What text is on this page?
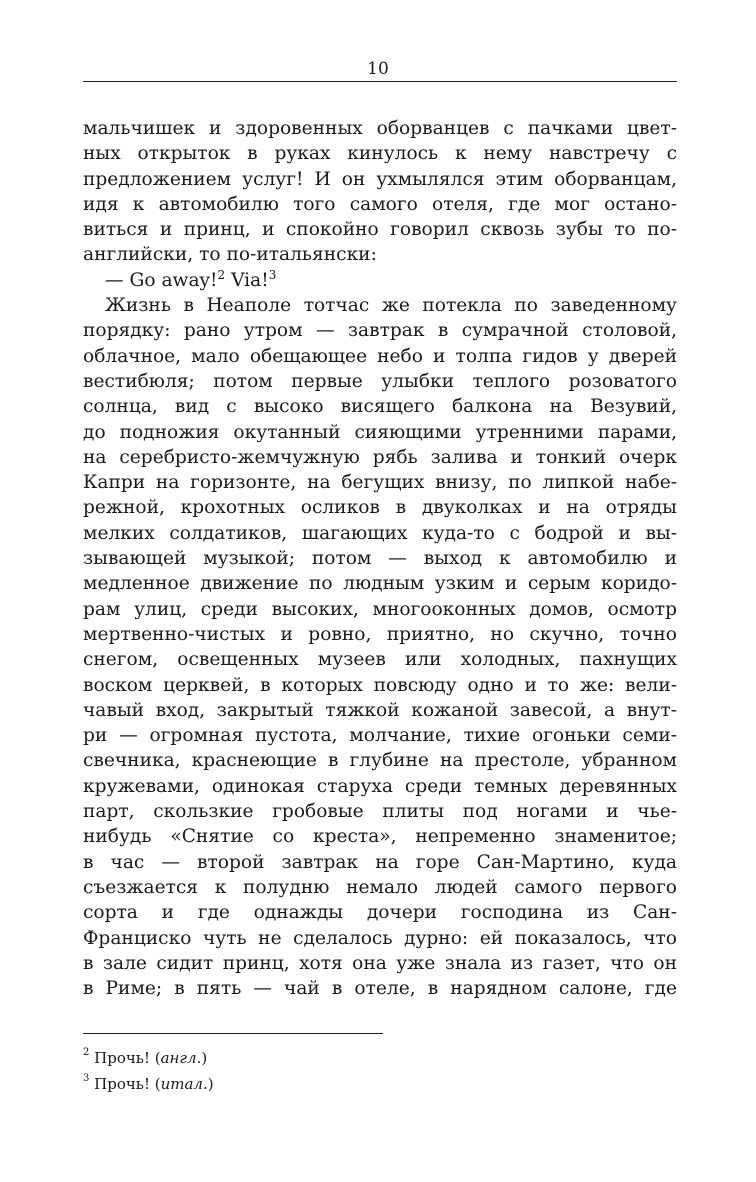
10
мальчишек и здоровенных оборванцев с пачками цвет-
ных открыток в руках кинулось к нему навстречу с
предложением услуг! И он ухмылялся этим оборванцам,
идя к автомобилю того самого отеля, где мог остано-
виться и принц, и спокойно говорил сквозь зубы то по-
английски, то по-итальянски:
— Go away!$^2$ Via!$^3$
Жизнь в Неаполе тотчас же потекла по заведенному
порядку: рано утром — завтрак в сумрачной столовой,
облачное, мало обещающее небо и толпа гидов у дверей
вестибюля; потом первые улыбки теплого розоватого
солнца, вид с высоко висящего балкона на Везувий,
до подножия окутанный сияющими утренними парами,
на серебристо-жемчужную рябь залива и тонкий очерк
Капри на горизонте, на бегущих внизу, по липкой набе-
режной, крохотных осликов в двуколках и на отряды
мелких солдатиков, шагающих куда-то с бодрой и вы-
зывающей музыкой; потом — выход к автомобилю и
медленное движение по людным узким и серым коридо-
рам улиц, среди высоких, многооконных домов, осмотр
мертвенно-чистых и ровно, приятно, но скучно, точно
снегом, освещенных музеев или холодных, пахнущих
воском церквей, в которых повсюду одно и то же: вели-
чавый вход, закрытый тяжкой кожаной завесой, а внут-
ри — огромная пустота, молчание, тихие огоньки семи-
свечника, краснеющие в глубине на престоле, убранном
кружевами, одинокая старуха среди темных деревянных
парт, скользкие гробовые плиты под ногами и чье-
нибудь «Снятие со креста», непременно знаменитое;
в час — второй завтрак на горе Сан-Мартино, куда
съезжается к полудню немало людей самого первого
сорта и где однажды дочери господина из Сан-
Франциско чуть не сделалось дурно: ей показалось, что
в зале сидит принц, хотя она уже знала из газет, что он
в Риме; в пять — чай в отеле, в нарядном салоне, где
$^2$ Прочь! (англ.)
$^3$ Прочь! (итал.)
